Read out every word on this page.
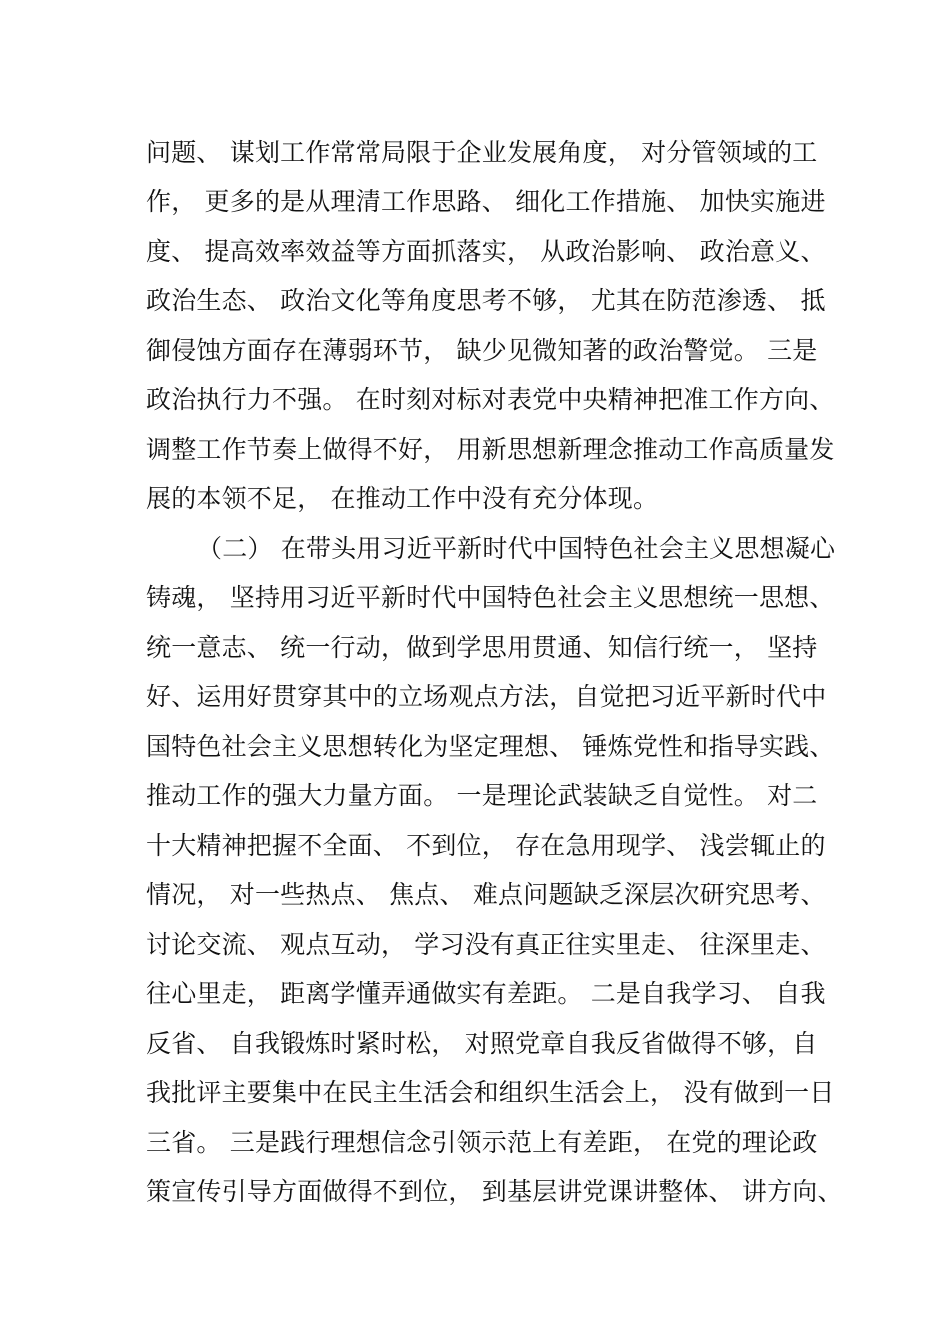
问题、 谋划工作常常局限于企业发展角度， 对分管领域的工
作， 更多的是从理清工作思路、 细化工作措施、 加快实施进
度、 提高效率效益等方面抓落实， 从政治影响、 政治意义、
政治生态、 政治文化等角度思考不够， 尤其在防范渗透、 抵
御侵蚀方面存在薄弱环节， 缺少见微知著的政治警觉。 三是
政治执行力不强。 在时刻对标对表党中央精神把准工作方向、
调整工作节奏上做得不好， 用新思想新理念推动工作高质量发
展的本领不足， 在推动工作中没有充分体现。
（二） 在带头用习近平新时代中国特色社会主义思想凝心
铸魂， 坚持用习近平新时代中国特色社会主义思想统一思想、
统一意志、 统一行动，做到学思用贯通、知信行统一， 坚持
好、运用好贯穿其中的立场观点方法，自觉把习近平新时代中
国特色社会主义思想转化为坚定理想、 锤炼党性和指导实践、
推动工作的强大力量方面。 一是理论武装缺乏自觉性。 对二
十大精神把握不全面、 不到位， 存在急用现学、 浅尝辄止的
情况， 对一些热点、 焦点、 难点问题缺乏深层次研究思考、
讨论交流、 观点互动， 学习没有真正往实里走、 往深里走、
往心里走， 距离学懂弄通做实有差距。 二是自我学习、 自我
反省、 自我锻炼时紧时松， 对照党章自我反省做得不够，自
我批评主要集中在民主生活会和组织生活会上， 没有做到一日
三省。 三是践行理想信念引领示范上有差距， 在党的理论政
策宣传引导方面做得不到位， 到基层讲党课讲整体、 讲方向、
